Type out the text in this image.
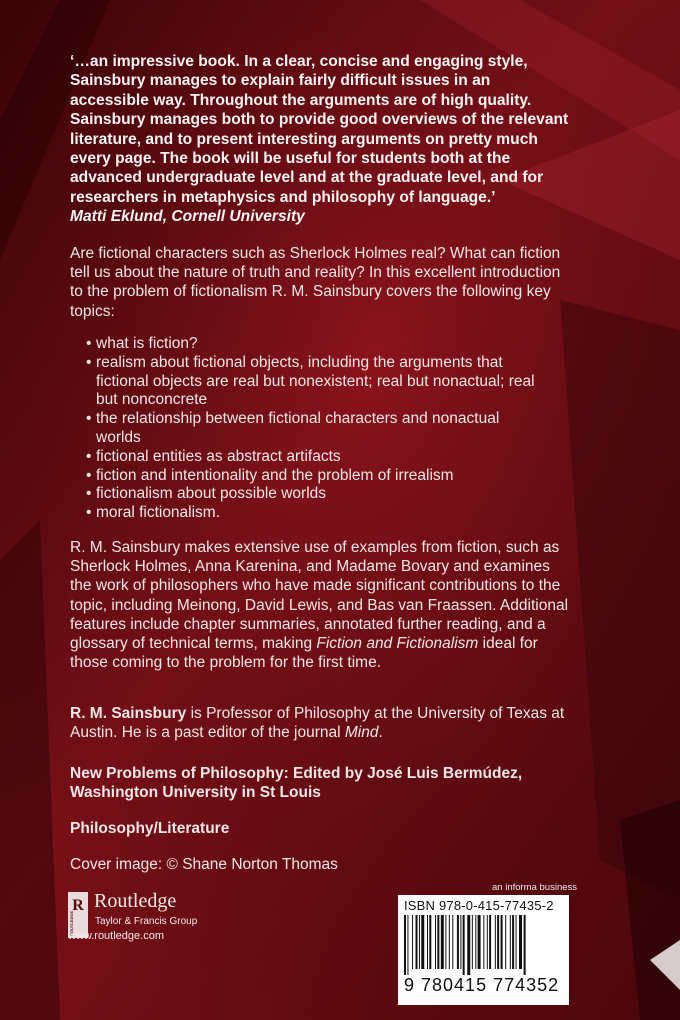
‘…an impressive book. In a clear, concise and engaging style, Sainsbury manages to explain fairly difficult issues in an accessible way. Throughout the arguments are of high quality. Sainsbury manages both to provide good overviews of the relevant literature, and to present interesting arguments on pretty much every page. The book will be useful for students both at the advanced undergraduate level and at the graduate level, and for researchers in metaphysics and philosophy of language.’
Matti Eklund, Cornell University

Are fictional characters such as Sherlock Holmes real? What can fiction tell us about the nature of truth and reality? In this excellent introduction to the problem of fictionalism R. M. Sainsbury covers the following key topics:

• what is fiction?
• realism about fictional objects, including the arguments that fictional objects are real but nonexistent; real but nonactual; real but nonconcrete
• the relationship between fictional characters and nonactual worlds
• fictional entities as abstract artifacts
• fiction and intentionality and the problem of irrealism
• fictionalism about possible worlds
• moral fictionalism.

R. M. Sainsbury makes extensive use of examples from fiction, such as Sherlock Holmes, Anna Karenina, and Madame Bovary and examines the work of philosophers who have made significant contributions to the topic, including Meinong, David Lewis, and Bas van Fraassen. Additional features include chapter summaries, annotated further reading, and a glossary of technical terms, making Fiction and Fictionalism ideal for those coming to the problem for the first time.

R. M. Sainsbury is Professor of Philosophy at the University of Texas at Austin. He is a past editor of the journal Mind.

New Problems of Philosophy: Edited by José Luis Bermúdez, Washington University in St Louis
Philosophy/Literature
Cover image: © Shane Norton Thomas
R
ROUTLEDGE
Routledge
Taylor & Francis Group
www.routledge.com
an informa business
ISBN 978-0-415-77435-2
9 780415 774352
